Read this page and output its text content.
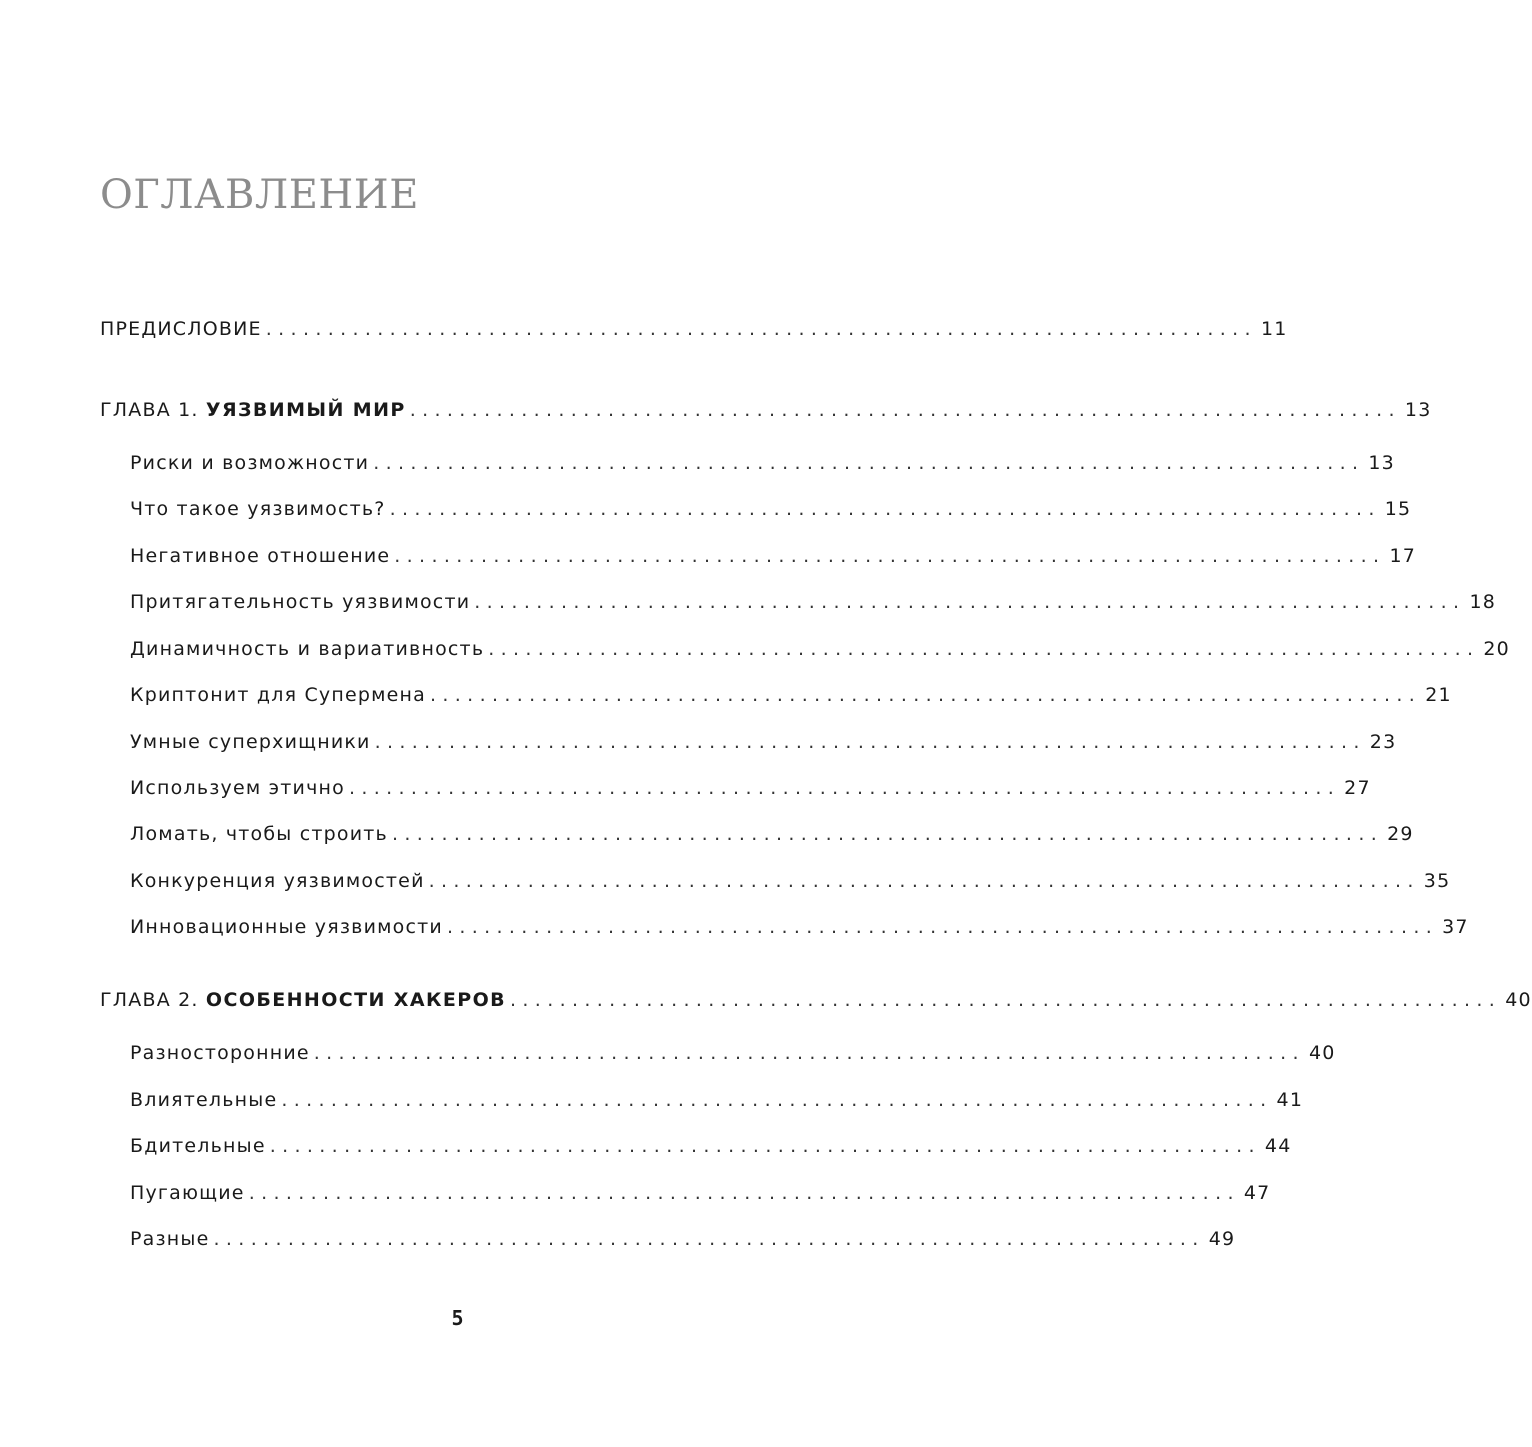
ОГЛАВЛЕНИЕ
ПРЕДИСЛОВИЕ ................................................................................ 11
ГЛАВА 1. УЯЗВИМЫЙ МИР ................................................................................ 13
Риски и возможности ................................................................................ 13
Что такое уязвимость? ................................................................................ 15
Негативное отношение ................................................................................ 17
Притягательность уязвимости ................................................................................ 18
Динамичность и вариативность ................................................................................ 20
Криптонит для Супермена ................................................................................ 21
Умные суперхищники ................................................................................ 23
Используем этично ................................................................................ 27
Ломать, чтобы строить ................................................................................ 29
Конкуренция уязвимостей ................................................................................ 35
Инновационные уязвимости ................................................................................ 37
ГЛАВА 2. ОСОБЕННОСТИ ХАКЕРОВ ................................................................................ 40
Разносторонние ................................................................................ 40
Влиятельные ................................................................................ 41
Бдительные ................................................................................ 44
Пугающие ................................................................................ 47
Разные ................................................................................ 49
5
